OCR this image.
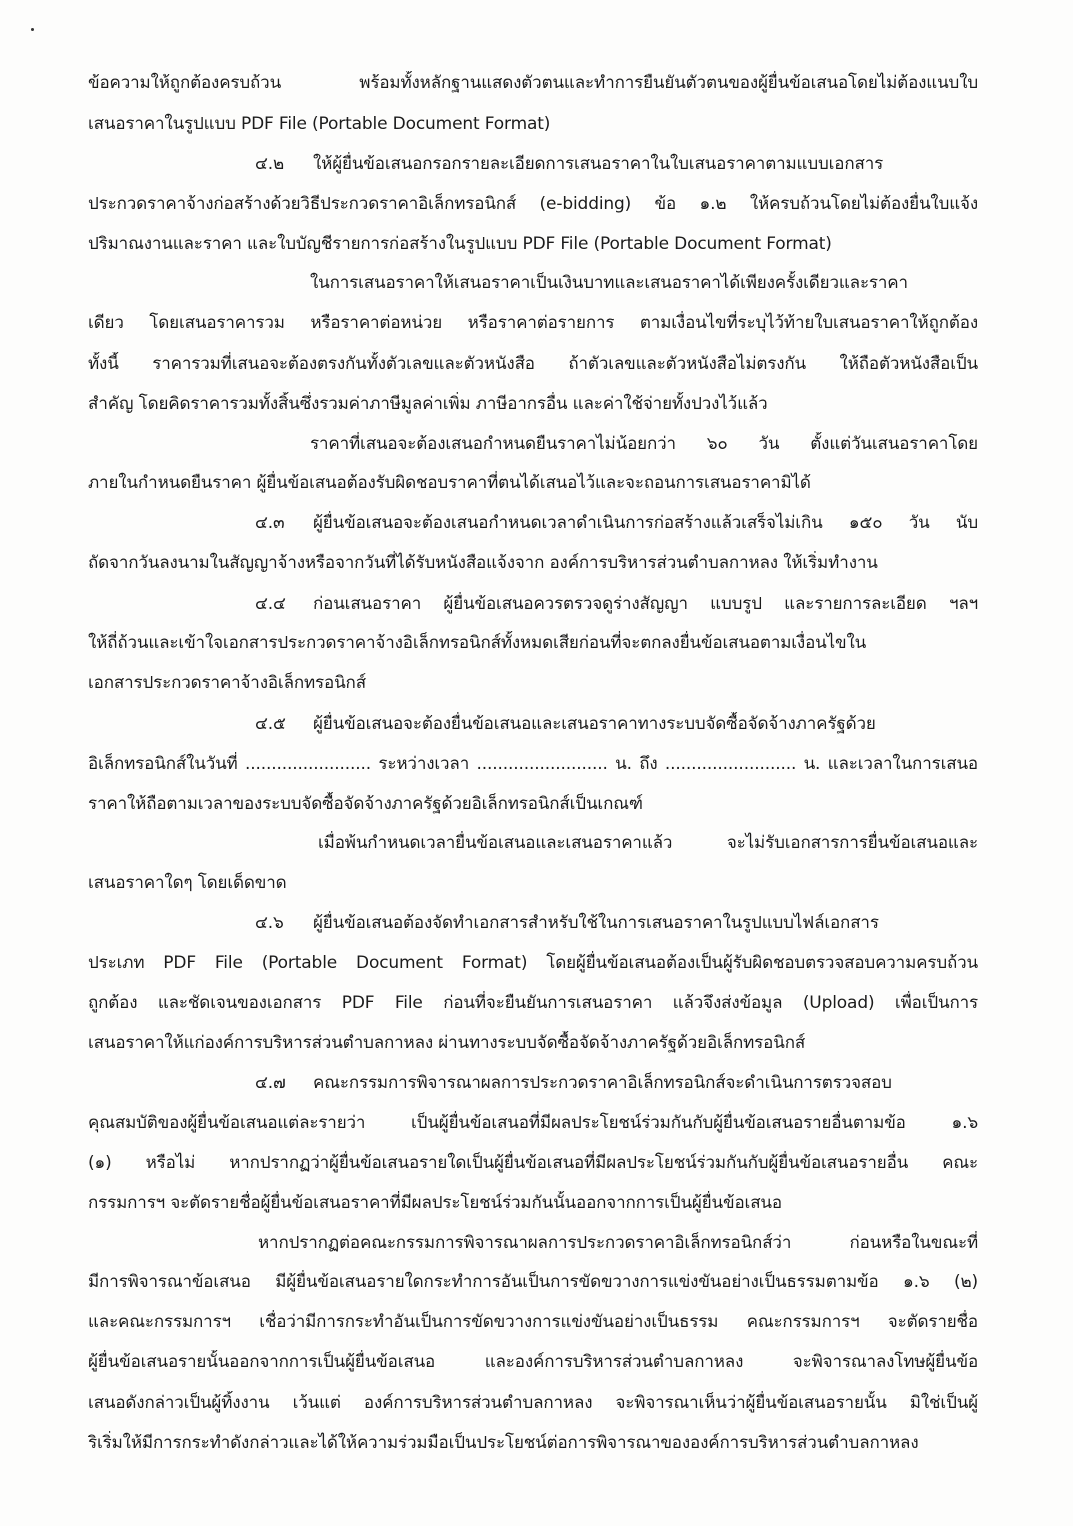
ข้อความให้ถูกต้องครบถ้วน พร้อมทั้งหลักฐานแสดงตัวตนและทำการยืนยันตัวตนของผู้ยื่นข้อเสนอโดยไม่ต้องแนบใบ
เสนอราคาในรูปแบบ PDF File (Portable Document Format)
๔.๒ ให้ผู้ยื่นข้อเสนอกรอกรายละเอียดการเสนอราคาในใบเสนอราคาตามแบบเอกสาร
ประกวดราคาจ้างก่อสร้างด้วยวิธีประกวดราคาอิเล็กทรอนิกส์ (e-bidding) ข้อ ๑.๒ ให้ครบถ้วนโดยไม่ต้องยื่นใบแจ้ง
ปริมาณงานและราคา และใบบัญชีรายการก่อสร้างในรูปแบบ PDF File (Portable Document Format)
ในการเสนอราคาให้เสนอราคาเป็นเงินบาทและเสนอราคาได้เพียงครั้งเดียวและราคา
เดียว โดยเสนอราคารวม หรือราคาต่อหน่วย หรือราคาต่อรายการ ตามเงื่อนไขที่ระบุไว้ท้ายใบเสนอราคาให้ถูกต้อง
ทั้งนี้ ราคารวมที่เสนอจะต้องตรงกันทั้งตัวเลขและตัวหนังสือ ถ้าตัวเลขและตัวหนังสือไม่ตรงกัน ให้ถือตัวหนังสือเป็น
สำคัญ โดยคิดราคารวมทั้งสิ้นซึ่งรวมค่าภาษีมูลค่าเพิ่ม ภาษีอากรอื่น และค่าใช้จ่ายทั้งปวงไว้แล้ว
ราคาที่เสนอจะต้องเสนอกำหนดยืนราคาไม่น้อยกว่า ๖๐ วัน ตั้งแต่วันเสนอราคาโดย
ภายในกำหนดยืนราคา ผู้ยื่นข้อเสนอต้องรับผิดชอบราคาที่ตนได้เสนอไว้และจะถอนการเสนอราคามิได้
๔.๓ ผู้ยื่นข้อเสนอจะต้องเสนอกำหนดเวลาดำเนินการก่อสร้างแล้วเสร็จไม่เกิน ๑๕๐ วัน นับ
ถัดจากวันลงนามในสัญญาจ้างหรือจากวันที่ได้รับหนังสือแจ้งจาก องค์การบริหารส่วนตำบลกาหลง ให้เริ่มทำงาน
๔.๔ ก่อนเสนอราคา ผู้ยื่นข้อเสนอควรตรวจดูร่างสัญญา แบบรูป และรายการละเอียด ฯลฯ
ให้ถี่ถ้วนและเข้าใจเอกสารประกวดราคาจ้างอิเล็กทรอนิกส์ทั้งหมดเสียก่อนที่จะตกลงยื่นข้อเสนอตามเงื่อนไขใน
เอกสารประกวดราคาจ้างอิเล็กทรอนิกส์
๔.๕ ผู้ยื่นข้อเสนอจะต้องยื่นข้อเสนอและเสนอราคาทางระบบจัดซื้อจัดจ้างภาครัฐด้วย
อิเล็กทรอนิกส์ในวันที่ ........................ ระหว่างเวลา ......................... น. ถึง ......................... น. และเวลาในการเสนอ
ราคาให้ถือตามเวลาของระบบจัดซื้อจัดจ้างภาครัฐด้วยอิเล็กทรอนิกส์เป็นเกณฑ์
เมื่อพ้นกำหนดเวลายื่นข้อเสนอและเสนอราคาแล้ว จะไม่รับเอกสารการยื่นข้อเสนอและ
เสนอราคาใดๆ โดยเด็ดขาด
๔.๖ ผู้ยื่นข้อเสนอต้องจัดทำเอกสารสำหรับใช้ในการเสนอราคาในรูปแบบไฟล์เอกสาร
ประเภท PDF File (Portable Document Format) โดยผู้ยื่นข้อเสนอต้องเป็นผู้รับผิดชอบตรวจสอบความครบถ้วน
ถูกต้อง และชัดเจนของเอกสาร PDF File ก่อนที่จะยืนยันการเสนอราคา แล้วจึงส่งข้อมูล (Upload) เพื่อเป็นการ
เสนอราคาให้แก่องค์การบริหารส่วนตำบลกาหลง ผ่านทางระบบจัดซื้อจัดจ้างภาครัฐด้วยอิเล็กทรอนิกส์
๔.๗ คณะกรรมการพิจารณาผลการประกวดราคาอิเล็กทรอนิกส์จะดำเนินการตรวจสอบ
คุณสมบัติของผู้ยื่นข้อเสนอแต่ละรายว่า เป็นผู้ยื่นข้อเสนอที่มีผลประโยชน์ร่วมกันกับผู้ยื่นข้อเสนอรายอื่นตามข้อ ๑.๖
(๑) หรือไม่ หากปรากฏว่าผู้ยื่นข้อเสนอรายใดเป็นผู้ยื่นข้อเสนอที่มีผลประโยชน์ร่วมกันกับผู้ยื่นข้อเสนอรายอื่น คณะ
กรรมการฯ จะตัดรายชื่อผู้ยื่นข้อเสนอราคาที่มีผลประโยชน์ร่วมกันนั้นออกจากการเป็นผู้ยื่นข้อเสนอ
หากปรากฏต่อคณะกรรมการพิจารณาผลการประกวดราคาอิเล็กทรอนิกส์ว่า ก่อนหรือในขณะที่
มีการพิจารณาข้อเสนอ มีผู้ยื่นข้อเสนอรายใดกระทำการอันเป็นการขัดขวางการแข่งขันอย่างเป็นธรรมตามข้อ ๑.๖ (๒)
และคณะกรรมการฯ เชื่อว่ามีการกระทำอันเป็นการขัดขวางการแข่งขันอย่างเป็นธรรม คณะกรรมการฯ จะตัดรายชื่อ
ผู้ยื่นข้อเสนอรายนั้นออกจากการเป็นผู้ยื่นข้อเสนอ และองค์การบริหารส่วนตำบลกาหลง จะพิจารณาลงโทษผู้ยื่นข้อ
เสนอดังกล่าวเป็นผู้ทิ้งงาน เว้นแต่ องค์การบริหารส่วนตำบลกาหลง จะพิจารณาเห็นว่าผู้ยื่นข้อเสนอรายนั้น มิใช่เป็นผู้
ริเริ่มให้มีการกระทำดังกล่าวและได้ให้ความร่วมมือเป็นประโยชน์ต่อการพิจารณาขององค์การบริหารส่วนตำบลกาหลง
